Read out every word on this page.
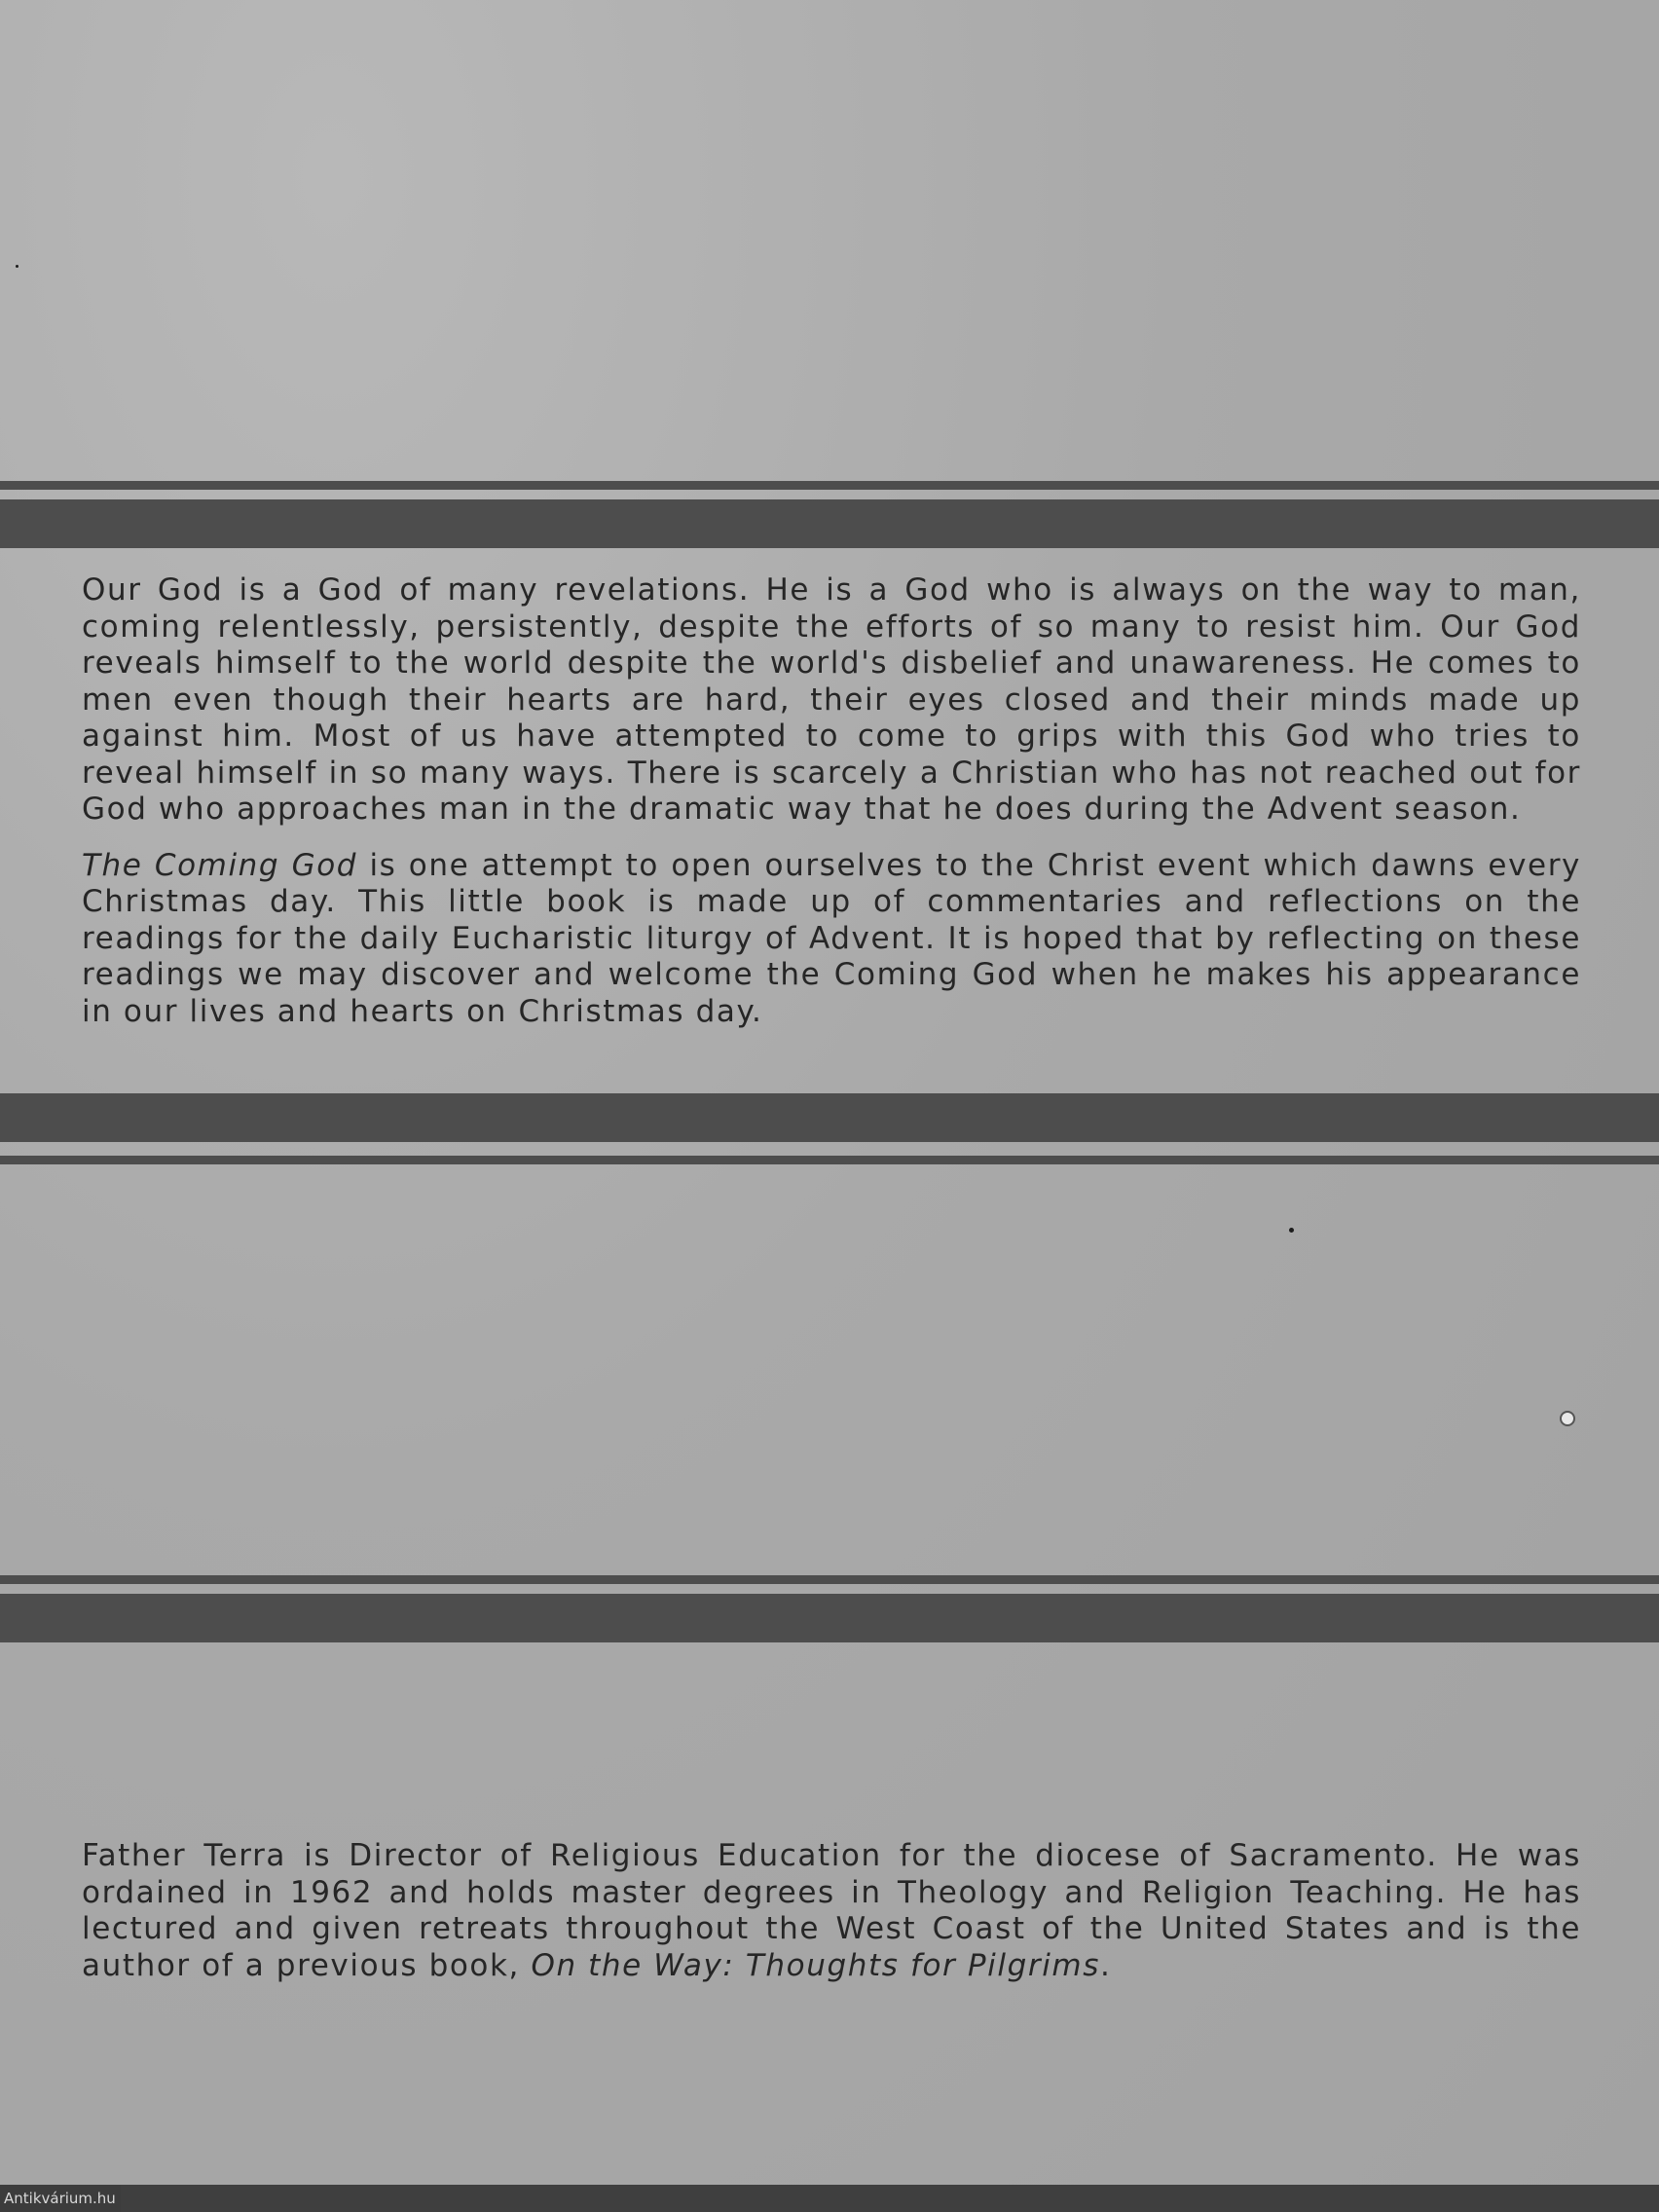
Our God is a God of many revelations. He is a God who is always on the way to man, coming relentlessly, persistently, despite the efforts of so many to resist him. Our God reveals himself to the world despite the world's disbelief and unawareness. He comes to men even though their hearts are hard, their eyes closed and their minds made up against him. Most of us have attempted to come to grips with this God who tries to reveal himself in so many ways. There is scarcely a Christian who has not reached out for God who approaches man in the dramatic way that he does during the Advent season.

The Coming God is one attempt to open ourselves to the Christ event which dawns every Christmas day. This little book is made up of commentaries and reflections on the readings for the daily Eucharistic liturgy of Advent. It is hoped that by reflecting on these readings we may discover and welcome the Coming God when he makes his appearance in our lives and hearts on Christmas day.

Father Terra is Director of Religious Education for the diocese of Sacramento. He was ordained in 1962 and holds master degrees in Theology and Religion Teaching. He has lectured and given retreats throughout the West Coast of the United States and is the author of a previous book, On the Way: Thoughts for Pilgrims.

Antikvárium.hu
